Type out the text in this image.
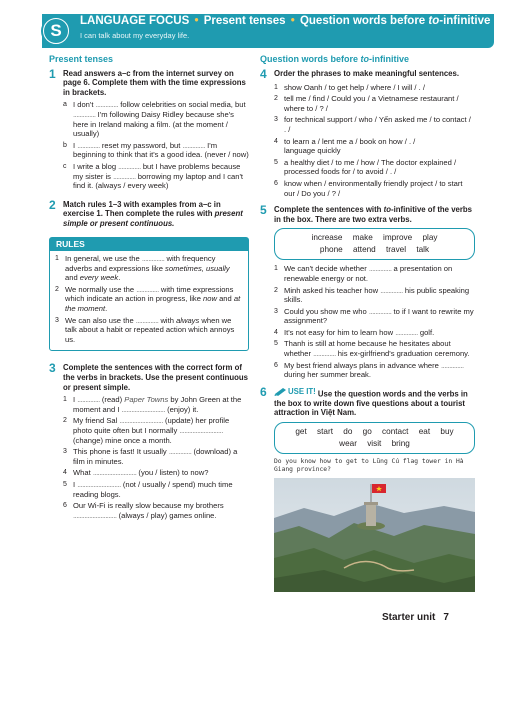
S	LANGUAGE FOCUS • Present tenses • Question words before to-infinitive
I can talk about my everyday life.
Present tenses
1 Read answers a–c from the internet survey on page 6. Complete them with the time expressions in brackets.
a I don't .............. follow celebrities on social media, but .............. I'm following Daisy Ridley because she's here in Ireland making a film. (at the moment / usually)
b I .............. reset my password, but .............. I'm beginning to think that it's a good idea. (never / now)
c I write a blog .............. but I have problems because my sister is .............. borrowing my laptop and I can't find it. (always / every week)
2 Match rules 1–3 with examples from a–c in exercise 1. Then complete the rules with present simple or present continuous.
RULES
1 In general, we use the .............. with frequency adverbs and expressions like sometimes, usually and every week.
2 We normally use the .............. with time expressions which indicate an action in progress, like now and at the moment.
3 We can also use the .............. with always when we talk about a habit or repeated action which annoys us.
3 Complete the sentences with the correct form of the verbs in brackets. Use the present continuous or present simple.
1 I .............. (read) Paper Towns by John Green at the moment and I ........................... (enjoy) it.
2 My friend Sal ........................... (update) her profile photo quite often but I normally ........................... (change) mine once a month.
3 This phone is fast! It usually .............. (download) a film in minutes.
4 What ........................... (you / listen) to now?
5 I ........................... (not / usually / spend) much time reading blogs.
6 Our Wi-Fi is really slow because my brothers ........................... (always / play) games online.
Question words before to-infinitive
4 Order the phrases to make meaningful sentences.
1 show Oanh / to get help / where / I will / . /
2 tell me / find / Could you / a Vietnamese restaurant / where to / ? /
3 for technical support / who / Yến asked me / to contact / . /
4 to learn a / lent me a / book on how / . /
language quickly
5 a healthy diet / to me / how / The doctor explained / processed foods for / to avoid / . /
6 know when / environmentally friendly project / to start our / Do you / ? /
5 Complete the sentences with to-infinitive of the verbs in the box. There are two extra verbs.
increase make improve play
phone attend travel talk
1 We can't decide whether .............. a presentation on renewable energy or not.
2 Minh asked his teacher how .............. his public speaking skills.
3 Could you show me who .............. to if I want to rewrite my assignment?
4 It's not easy for him to learn how .............. golf.
5 Thanh is still at home because he hesitates about whether .............. his ex-girlfriend's graduation ceremony.
6 My best friend always plans in advance where .............. during her summer break.
6	USE IT! Use the question words and the verbs in the box to write down five questions about a tourist attraction in Việt Nam.
get start do go contact eat buy
wear visit bring
Do you know how to get to Lũng Cú flag tower in Hà Giang province?
Starter unit 7
